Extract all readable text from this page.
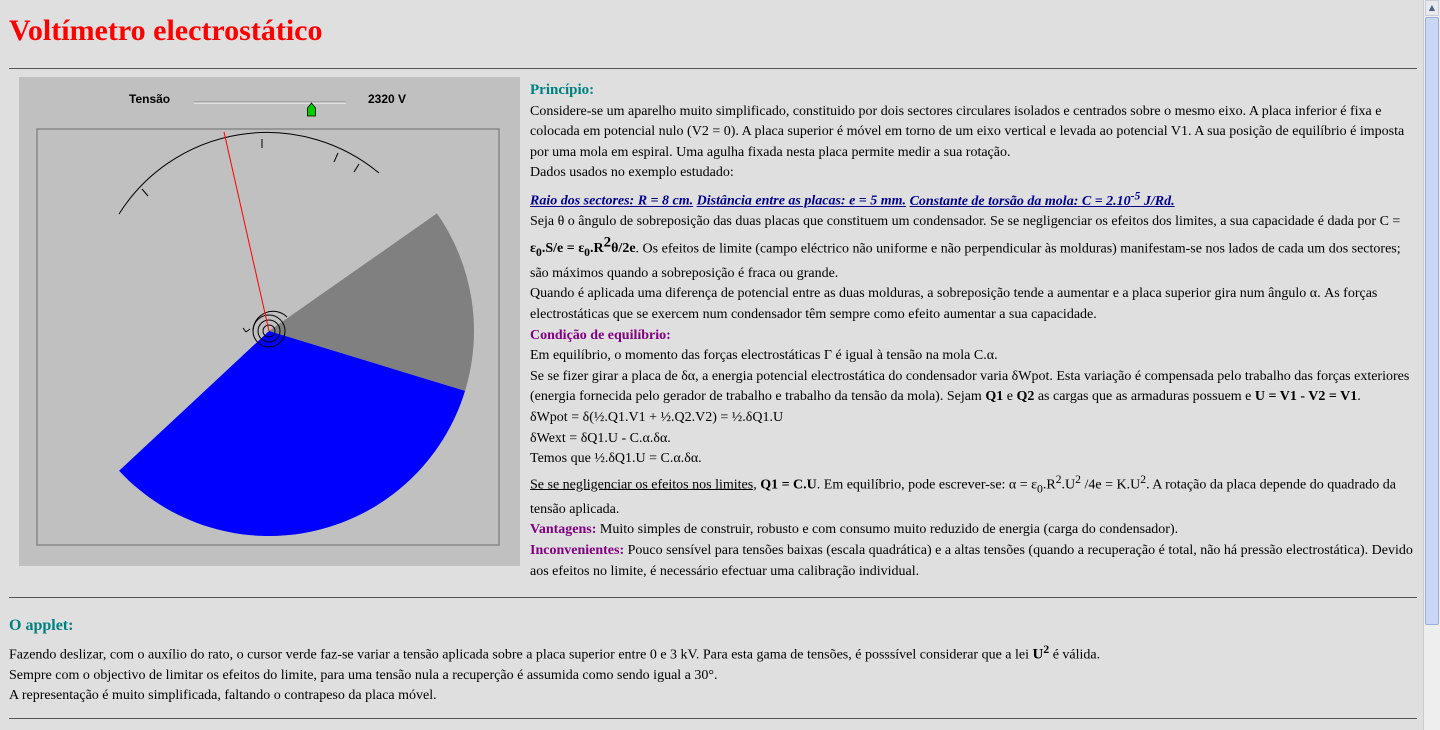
Voltímetro electrostático
Tensão	2320 V

Princípio:

Considere-se um aparelho muito simplificado, constituido por dois sectores circulares isolados e centrados sobre o mesmo eixo. A placa inferior é fixa e colocada em potencial nulo (V2 = 0). A placa superior é móvel em torno de um eixo vertical e levada ao potencial V1. A sua posição de equilíbrio é imposta por uma mola em espiral. Uma agulha fixada nesta placa permite medir a sua rotação.

Dados usados no exemplo estudado:

Raio dos sectores: R = 8 cm. Distância entre as placas: e = 5 mm. Constante de torsão da mola: $C = 2.10^{-5}$ J/Rd.

Seja θ o ângulo de sobreposição das duas placas que constituem um condensador. Se se negligenciar os efeitos dos limites, a sua capacidade é dada por $C = \varepsilon_0.S/e = \varepsilon_0.R^2\theta/2e$. Os efeitos de limite (campo eléctrico não uniforme e não perpendicular às molduras) manifestam-se nos lados de cada um dos sectores; são máximos quando a sobreposição é fraca ou grande.

Quando é aplicada uma diferença de potencial entre as duas molduras, a sobreposição tende a aumentar e a placa superior gira num ângulo α. As forças electrostáticas que se exercem num condensador têm sempre como efeito aumentar a sua capacidade.

Condição de equilíbrio:

Em equilíbrio, o momento das forças electrostáticas Γ é igual à tensão na mola C.α.

Se se fizer girar a placa de δα, a energia potencial electrostática do condensador varia δWpot. Esta variação é compensada pelo trabalho das forças exteriores (energia fornecida pelo gerador de trabalho e trabalho da tensão da mola). Sejam Q1 e Q2 as cargas que as armaduras possuem e U = V1 - V2 = V1.

δWpot = δ(½.Q1.V1 + ½.Q2.V2) = ½.δQ1.U

δWext = δQ1.U - C.α.δα.

Temos que ½.δQ1.U = C.α.δα.

Se se negligenciar os efeitos nos limites, Q1 = C.U. Em equilíbrio, pode escrever-se: $\alpha = \varepsilon_0.R^2.U^2$ $/4e = K.U^2$. A rotação da placa depende do quadrado da tensão aplicada.

Vantagens: Muito simples de construir, robusto e com consumo muito reduzido de energia (carga do condensador).

Inconvenientes: Pouco sensível para tensões baixas (escala quadrática) e a altas tensões (quando a recuperação é total, não há pressão electrostática). Devido aos efeitos no limite, é necessário efectuar uma calibração individual.

O applet:

Fazendo deslizar, com o auxílio do rato, o cursor verde faz-se variar a tensão aplicada sobre a placa superior entre 0 e 3 kV. Para esta gama de tensões, é posssível considerar que a lei $U^2$ é válida.

Sempre com o objectivo de limitar os efeitos do limite, para uma tensão nula a recuperção é assumida como sendo igual a 30°.

A representação é muito simplificada, faltando o contrapeso da placa móvel.

▲
